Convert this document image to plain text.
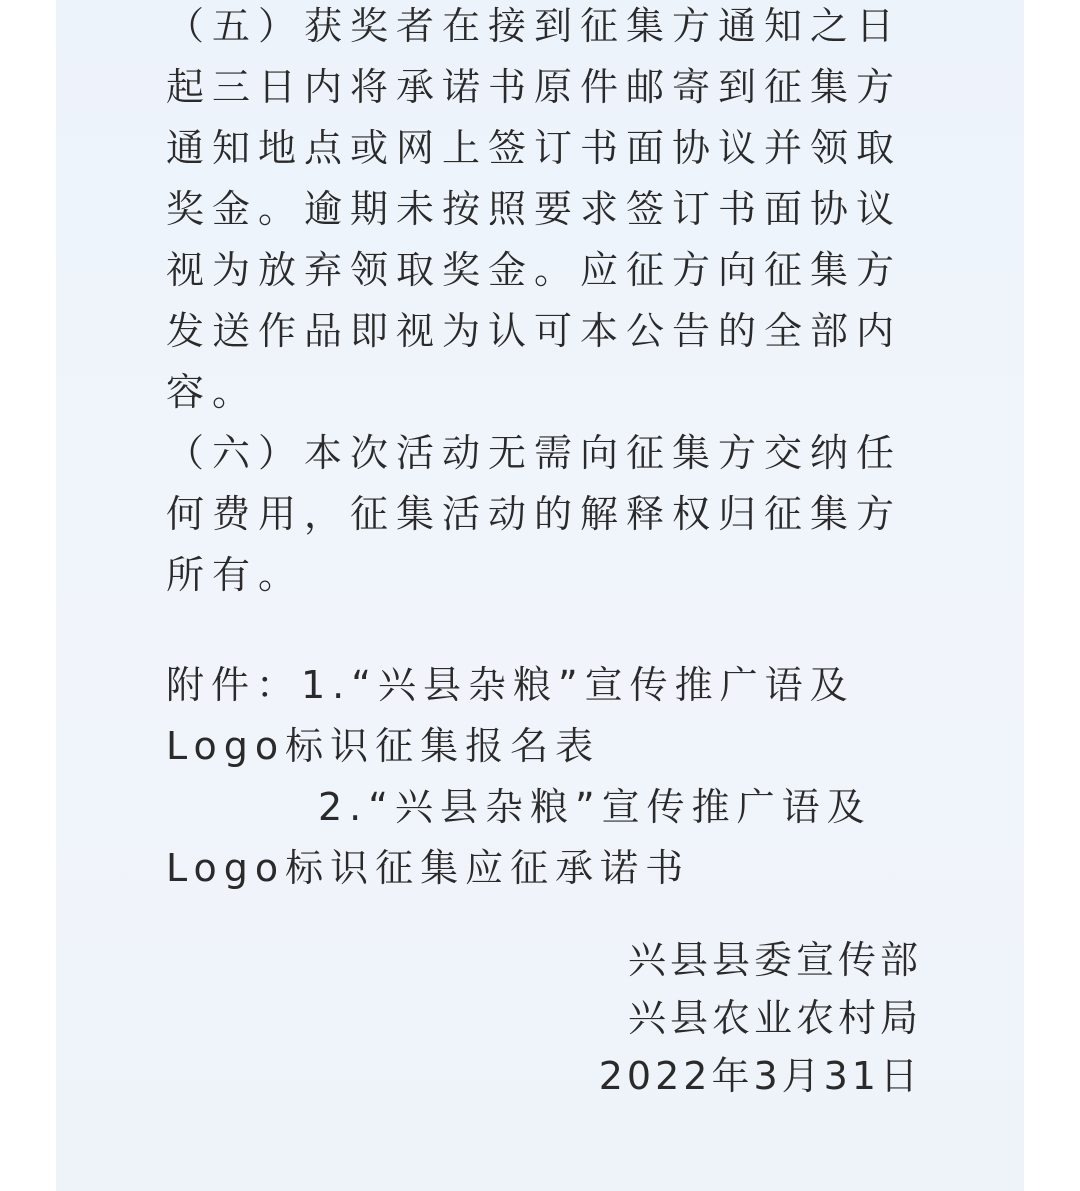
（五）获奖者在接到征集方通知之日
起三日内将承诺书原件邮寄到征集方
通知地点或网上签订书面协议并领取
奖金。逾期未按照要求签订书面协议
视为放弃领取奖金。应征方向征集方
发送作品即视为认可本公告的全部内
容。

（六）本次活动无需向征集方交纳任
何费用，征集活动的解释权归征集方
所有。

附件：1.“兴县杂粮”宣传推广语及
Logo标识征集报名表
2.“兴县杂粮”宣传推广语及
Logo标识征集应征承诺书
兴县县委宣传部
兴县农业农村局
2022年3月31日
